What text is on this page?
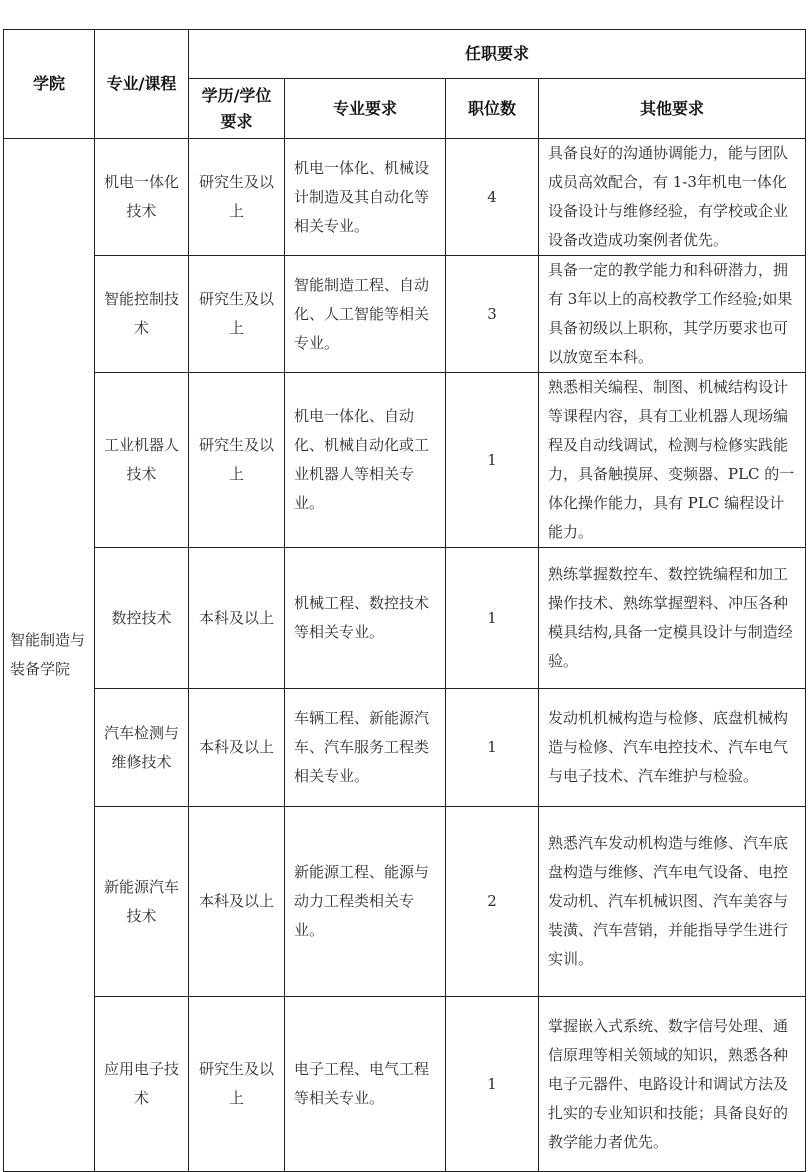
学院	专业/课程	任职要求			
		学历/学位要求	专业要求	职位数	其他要求
智能制造与装备学院	机电一体化技术	研究生及以上	机电一体化、机械设计制造及其自动化等相关专业。	4	具备良好的沟通协调能力，能与团队成员高效配合，有 1-3年机电一体化设备设计与维修经验，有学校或企业设备改造成功案例者优先。
	智能控制技术	研究生及以上	智能制造工程、自动化、人工智能等相关专业。	3	具备一定的教学能力和科研潜力，拥有 3年以上的高校教学工作经验;如果具备初级以上职称，其学历要求也可以放宽至本科。
	工业机器人技术	研究生及以上	机电一体化、自动化、机械自动化或工业机器人等相关专业。	1	熟悉相关编程、制图、机械结构设计等课程内容，具有工业机器人现场编程及自动线调试，检测与检修实践能力，具备触摸屏、变频器、PLC 的一体化操作能力，具有 PLC 编程设计能力。
	数控技术	本科及以上	机械工程、数控技术等相关专业。	1	熟练掌握数控车、数控铣编程和加工操作技术、熟练掌握塑料、冲压各种模具结构,具备一定模具设计与制造经验。
	汽车检测与维修技术	本科及以上	车辆工程、新能源汽车、汽车服务工程类相关专业。	1	发动机机械构造与检修、底盘机械构造与检修、汽车电控技术、汽车电气与电子技术、汽车维护与检验。
	新能源汽车技术	本科及以上	新能源工程、能源与动力工程类相关专业。	2	熟悉汽车发动机构造与维修、汽车底盘构造与维修、汽车电气设备、电控发动机、汽车机械识图、汽车美容与装潢、汽车营销，并能指导学生进行实训。
	应用电子技术	研究生及以上	电子工程、电气工程等相关专业。	1	掌握嵌入式系统、数字信号处理、通信原理等相关领域的知识，熟悉各种电子元器件、电路设计和调试方法及扎实的专业知识和技能；具备良好的教学能力者优先。
